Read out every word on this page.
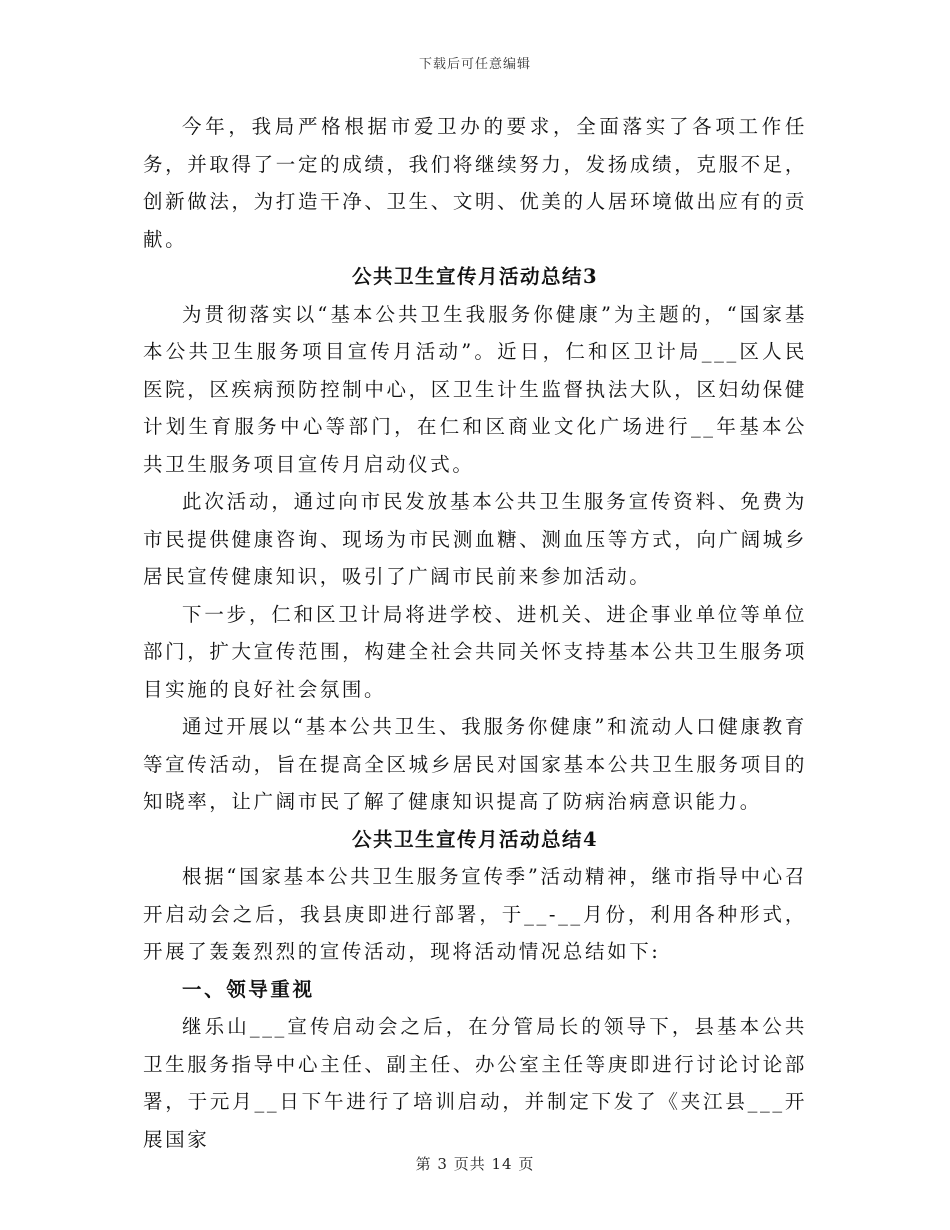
下载后可任意编辑

今年，我局严格根据市爱卫办的要求，全面落实了各项工作任务，并取得了一定的成绩，我们将继续努力，发扬成绩，克服不足，创新做法，为打造干净、卫生、文明、优美的人居环境做出应有的贡献。

公共卫生宣传月活动总结3

为贯彻落实以“基本公共卫生我服务你健康”为主题的，“国家基本公共卫生服务项目宣传月活动”。近日，仁和区卫计局___区人民医院，区疾病预防控制中心，区卫生计生监督执法大队，区妇幼保健计划生育服务中心等部门，在仁和区商业文化广场进行__年基本公共卫生服务项目宣传月启动仪式。

此次活动，通过向市民发放基本公共卫生服务宣传资料、免费为市民提供健康咨询、现场为市民测血糖、测血压等方式，向广阔城乡居民宣传健康知识，吸引了广阔市民前来参加活动。

下一步，仁和区卫计局将进学校、进机关、进企事业单位等单位部门，扩大宣传范围，构建全社会共同关怀支持基本公共卫生服务项目实施的良好社会氛围。

通过开展以“基本公共卫生、我服务你健康”和流动人口健康教育等宣传活动，旨在提高全区城乡居民对国家基本公共卫生服务项目的知晓率，让广阔市民了解了健康知识提高了防病治病意识能力。

公共卫生宣传月活动总结4

根据“国家基本公共卫生服务宣传季”活动精神，继市指导中心召开启动会之后，我县庚即进行部署，于__-__月份，利用各种形式，开展了轰轰烈烈的宣传活动，现将活动情况总结如下:

一、领导重视

继乐山___宣传启动会之后，在分管局长的领导下，县基本公共卫生服务指导中心主任、副主任、办公室主任等庚即进行讨论讨论部署，于元月__日下午进行了培训启动，并制定下发了《夹江县___开展国家

第 3 页共 14 页
